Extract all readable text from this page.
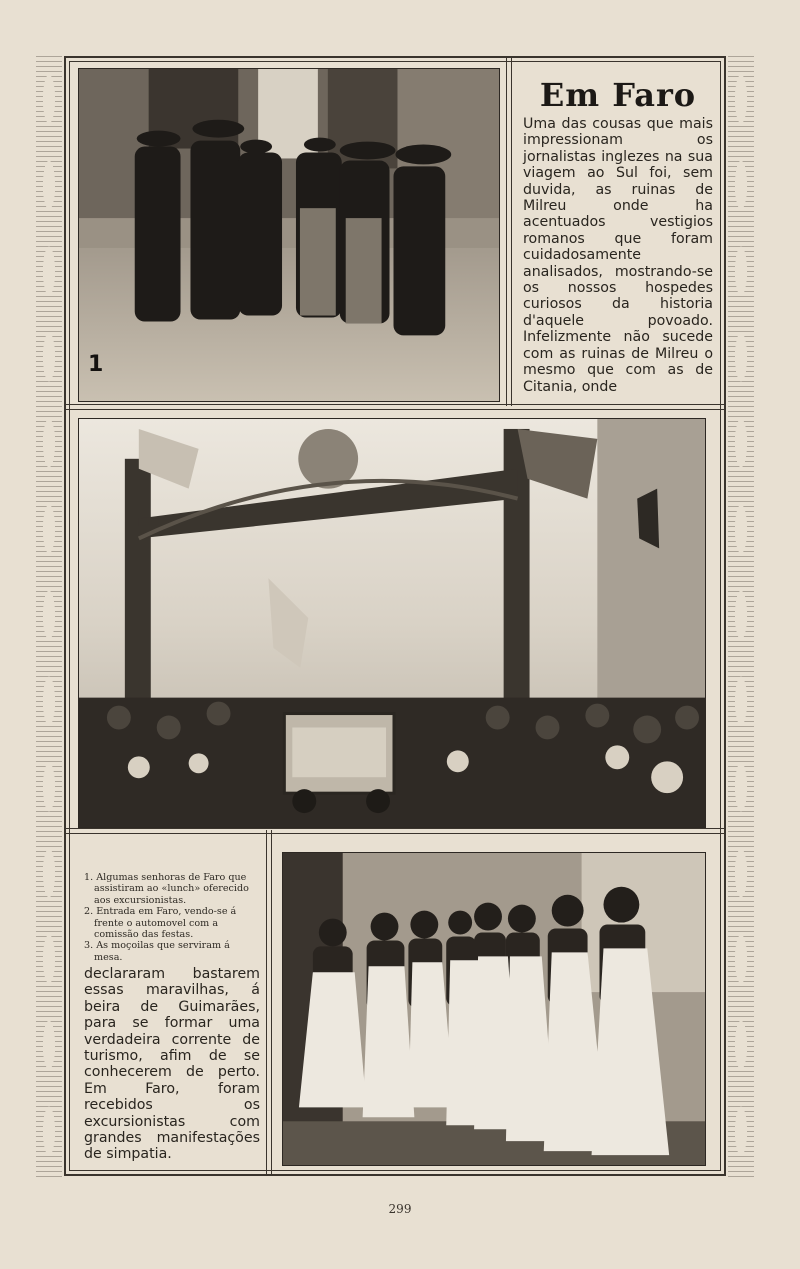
1
Em Faro
Uma das cousas que mais impressionam os jornalistas inglezes na sua viagem ao Sul foi, sem duvida, as ruinas de Milreu onde ha acentuados vestigios romanos que foram cuidadosamente analisados, mostrando-se os nossos hospedes curiosos da historia d'aquele povoado. Infelizmente não sucede com as ruinas de Milreu o mesmo que com as de Citania, onde
1. Algumas senhoras de Faro que assistiram ao «lunch» oferecido aos excursionistas.
2. Entrada em Faro, vendo-se á frente o automovel com a comissão das festas.
3. As moçoilas que serviram á mesa.
declararam bastarem essas maravilhas, á beira de Guimarães, para se formar uma verdadeira corrente de turismo, afim de se conhecerem de perto. Em Faro, foram recebidos os excursionistas com grandes manifestações de simpatia.
299
